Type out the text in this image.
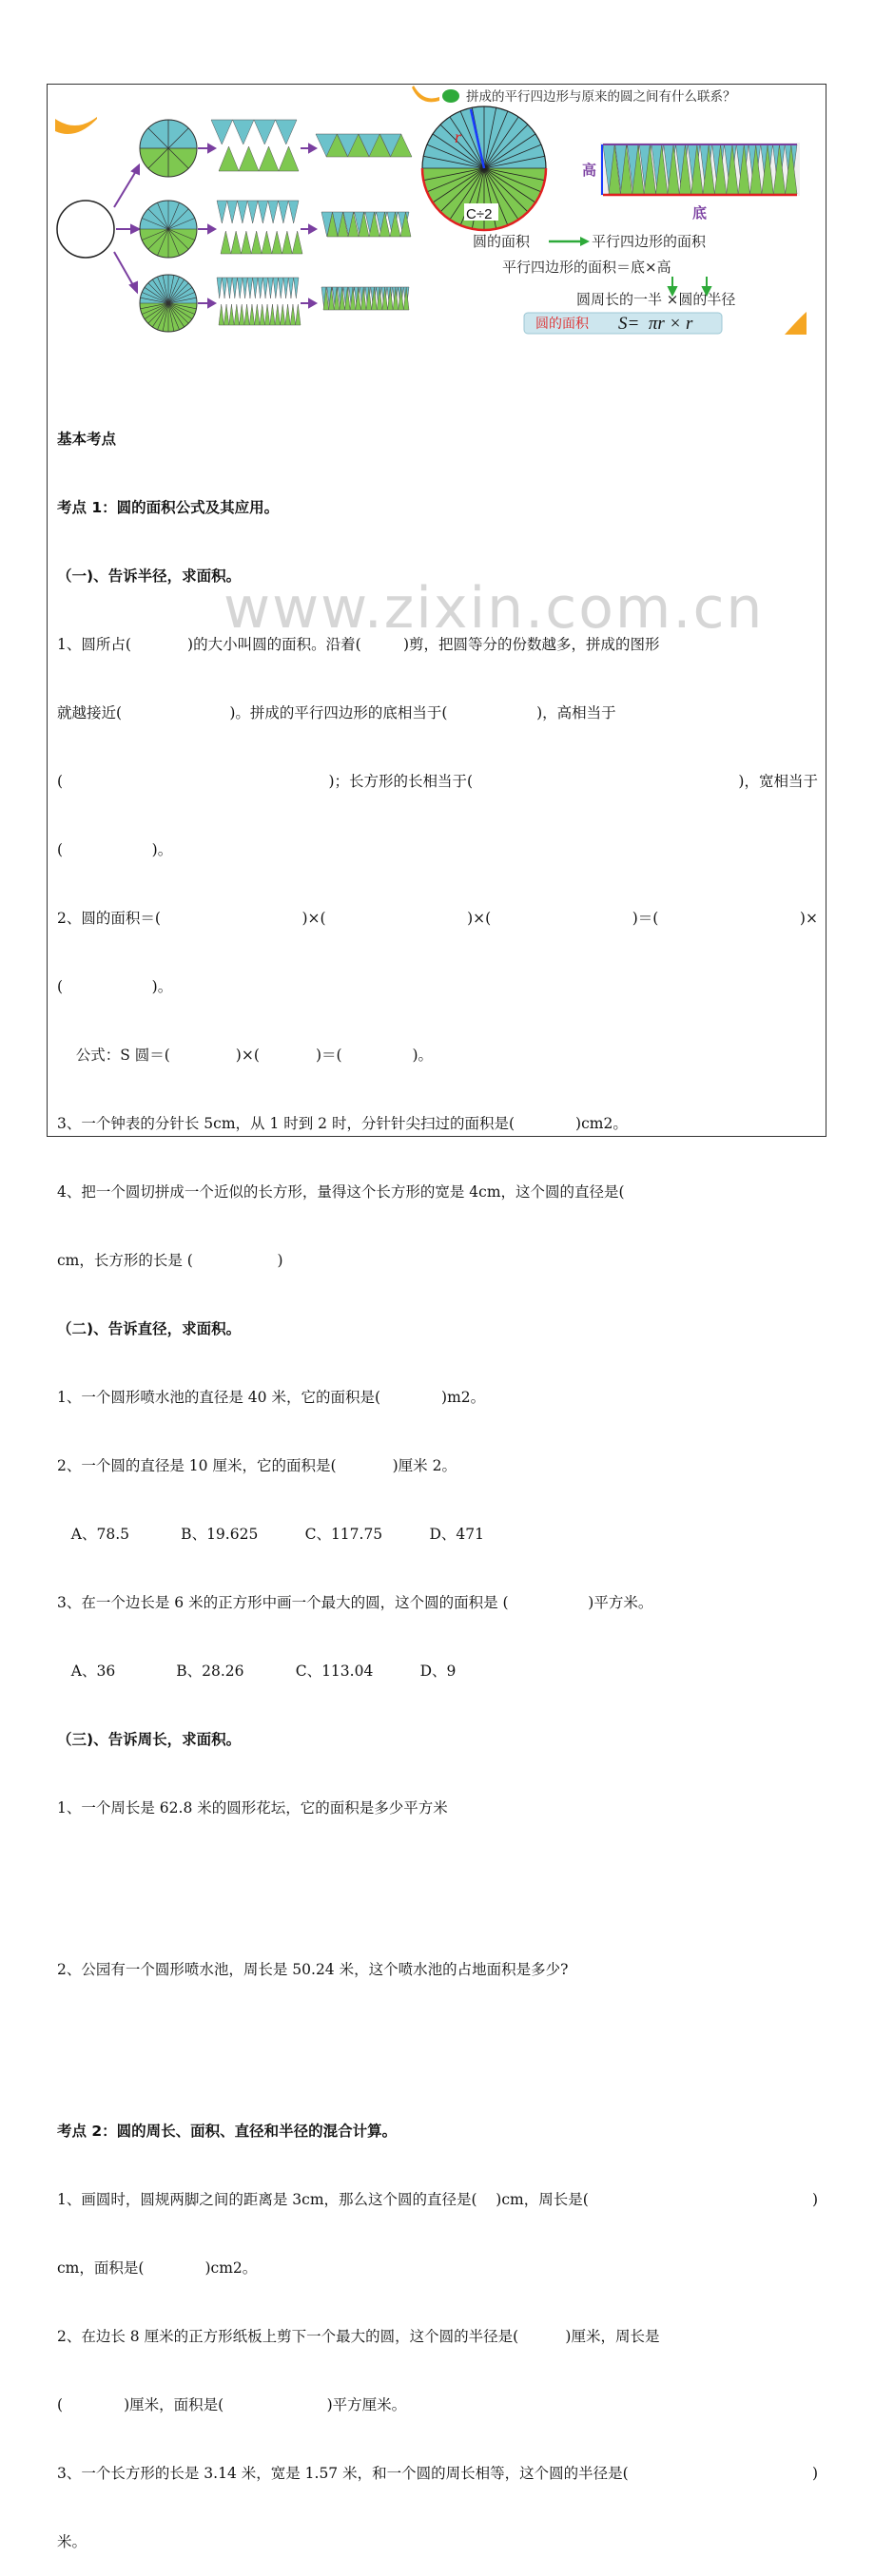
r
C÷2
拼成的平行四边形与原来的圆之间有什么联系？
高
底
圆的面积	平行四边形的面积
平行四边形的面积＝底×高
圆周长的一半 ×圆的半径
圆的面积 S=  πr × r
www.zixin.com.cn

基本考点

考点 1：圆的面积公式及其应用。

（一)、告诉半径，求面积。

1、圆所占(            )的大小叫圆的面积。沿着(         )剪，把圆等分的份数越多，拼成的图形

就越接近(                       )。拼成的平行四边形的底相当于(                   )，高相当于

(	)；长方形的长相当于(	)，宽相当于

(                   )。

2、圆的面积＝(	)×(	)×(	)＝(	)×

(                   )。

公式：S 圆＝(              )×(            )＝(               )。

3、一个钟表的分针长 5cm，从 1 时到 2 时，分针针尖扫过的面积是(             )cm2。

4、把一个圆切拼成一个近似的长方形，量得这个长方形的宽是 4cm，这个圆的直径是(

cm，长方形的长是 (                  )

（二)、告诉直径，求面积。

1、一个圆形喷水池的直径是 40 米，它的面积是(             )m2。

2、一个圆的直径是 10 厘米，它的面积是(            )厘米 2。

A、78.5           B、19.625          C、117.75          D、471

3、在一个边长是 6 米的正方形中画一个最大的圆，这个圆的面积是 (                 )平方米。

A、36             B、28.26           C、113.04          D、9

（三)、告诉周长，求面积。

1、一个周长是 62.8 米的圆形花坛，它的面积是多少平方米

2、公园有一个圆形喷水池，周长是 50.24 米，这个喷水池的占地面积是多少?

考点 2：圆的周长、面积、直径和半径的混合计算。

1、画圆时，圆规两脚之间的距离是 3cm，那么这个圆的直径是(    )cm，周长是(	)

cm，面积是(             )cm2。

2、在边长 8 厘米的正方形纸板上剪下一个最大的圆，这个圆的半径是(          )厘米，周长是

(             )厘米，面积是(                      )平方厘米。

3、一个长方形的长是 3.14 米，宽是 1.57 米，和一个圆的周长相等，这个圆的半径是(	)

米。
